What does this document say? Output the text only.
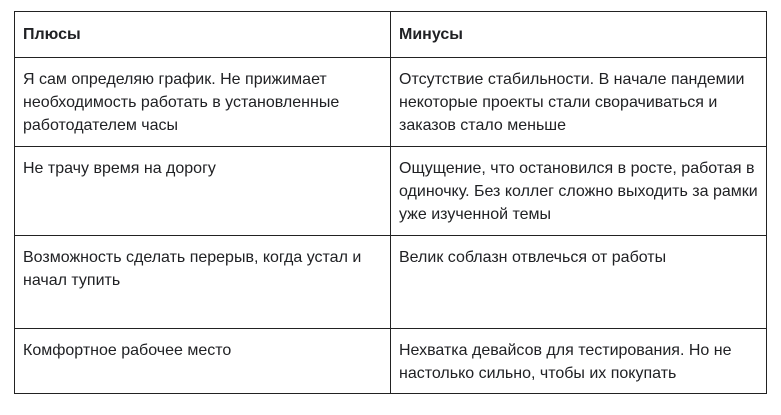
Плюсы	Минусы

Я сам определяю график. Не прижимает необходимость работать в установленные работодателем часы	Отсутствие стабильности. В начале пандемии некоторые проекты стали сворачиваться и заказов стало меньше

Не трачу время на дорогу	Ощущение, что остановился в росте, работая в одиночку. Без коллег сложно выходить за рамки уже изученной темы

Возможность сделать перерыв, когда устал и начал тупить	Велик соблазн отвлечься от работы

Комфортное рабочее место	Нехватка девайсов для тестирования. Но не настолько сильно, чтобы их покупать
